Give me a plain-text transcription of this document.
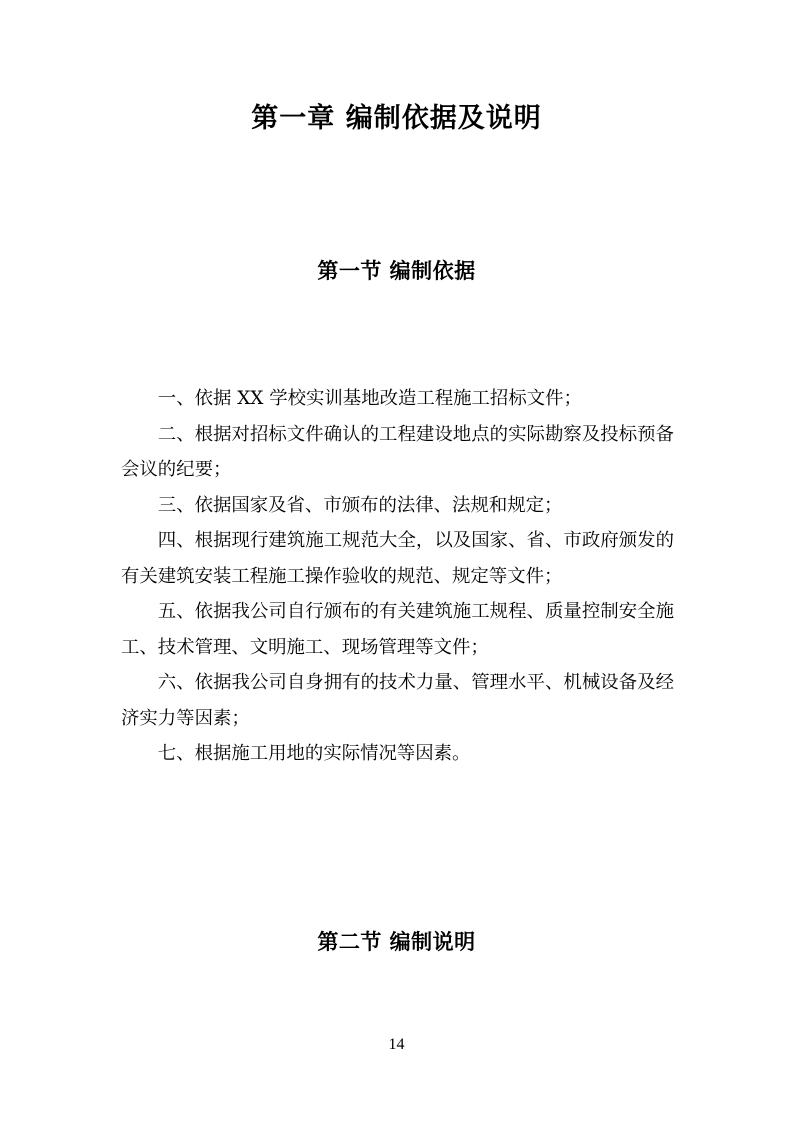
第一章 编制依据及说明
第一节 编制依据

一、依据 XX 学校实训基地改造工程施工招标文件；

二、根据对招标文件确认的工程建设地点的实际勘察及投标预备会议的纪要；

三、依据国家及省、市颁布的法律、法规和规定；

四、根据现行建筑施工规范大全，以及国家、省、市政府颁发的有关建筑安装工程施工操作验收的规范、规定等文件；

五、依据我公司自行颁布的有关建筑施工规程、质量控制安全施工、技术管理、文明施工、现场管理等文件；

六、依据我公司自身拥有的技术力量、管理水平、机械设备及经济实力等因素；

七、根据施工用地的实际情况等因素。

第二节 编制说明
14
